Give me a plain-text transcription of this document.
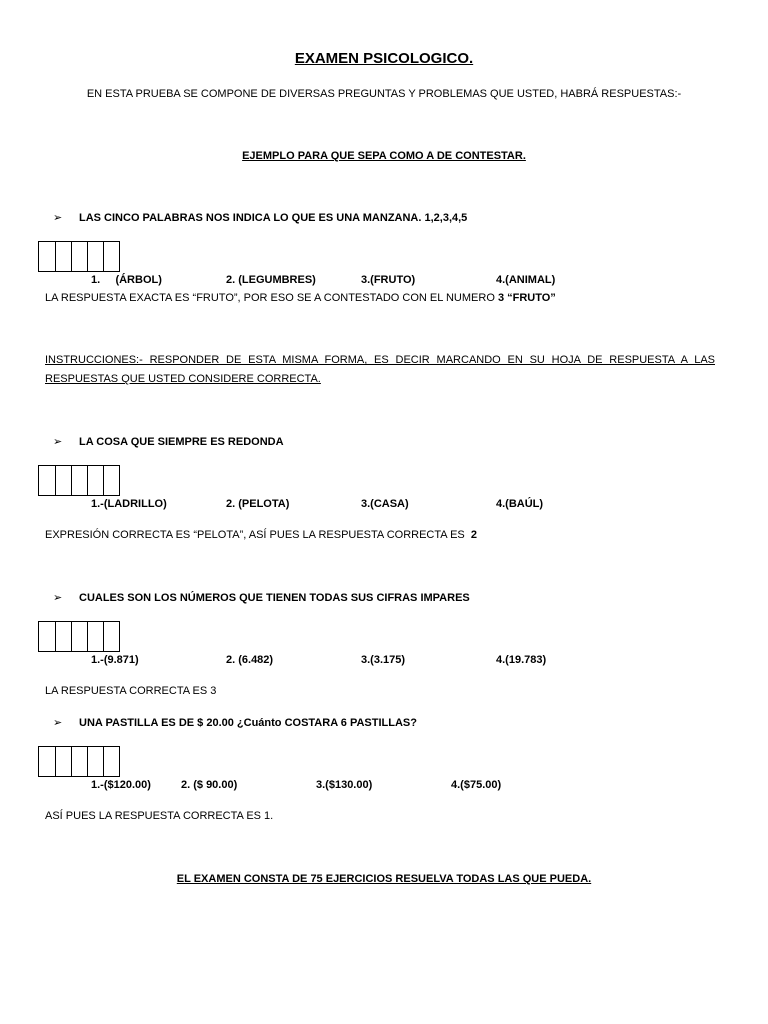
EXAMEN PSICOLOGICO.
EN ESTA PRUEBA SE COMPONE DE DIVERSAS PREGUNTAS Y PROBLEMAS QUE USTED, HABRÁ RESPUESTAS:-
EJEMPLO PARA QUE SEPA COMO A DE CONTESTAR.
➢ LAS CINCO PALABRAS NOS INDICA LO QUE ES UNA MANZANA. 1,2,3,4,5
1.     (ÁRBOL)	2. (LEGUMBRES)	3.(FRUTO)	4.(ANIMAL)
LA RESPUESTA EXACTA ES “FRUTO”, POR ESO SE A CONTESTADO CON EL NUMERO 3 “FRUTO”
INSTRUCCIONES:- RESPONDER DE ESTA MISMA FORMA, ES DECIR MARCANDO EN SU HOJA DE RESPUESTA A LAS RESPUESTAS QUE USTED CONSIDERE CORRECTA.
➢ LA COSA QUE SIEMPRE ES REDONDA
1.-(LADRILLO)	2. (PELOTA)	3.(CASA)	4.(BAÚL)
EXPRESIÓN CORRECTA ES “PELOTA”, ASÍ PUES LA RESPUESTA CORRECTA ES  2
➢ CUALES SON LOS NÚMEROS QUE TIENEN TODAS SUS CIFRAS IMPARES
1.-(9.871)	2. (6.482)	3.(3.175)	4.(19.783)
LA RESPUESTA CORRECTA ES 3
➢ UNA PASTILLA ES DE $ 20.00 ¿Cuánto COSTARA 6 PASTILLAS?
1.-($120.00)	2. ($ 90.00)	3.($130.00)	4.($75.00)
ASÍ PUES LA RESPUESTA CORRECTA ES 1.
EL EXAMEN CONSTA DE 75 EJERCICIOS RESUELVA TODAS LAS QUE PUEDA.
